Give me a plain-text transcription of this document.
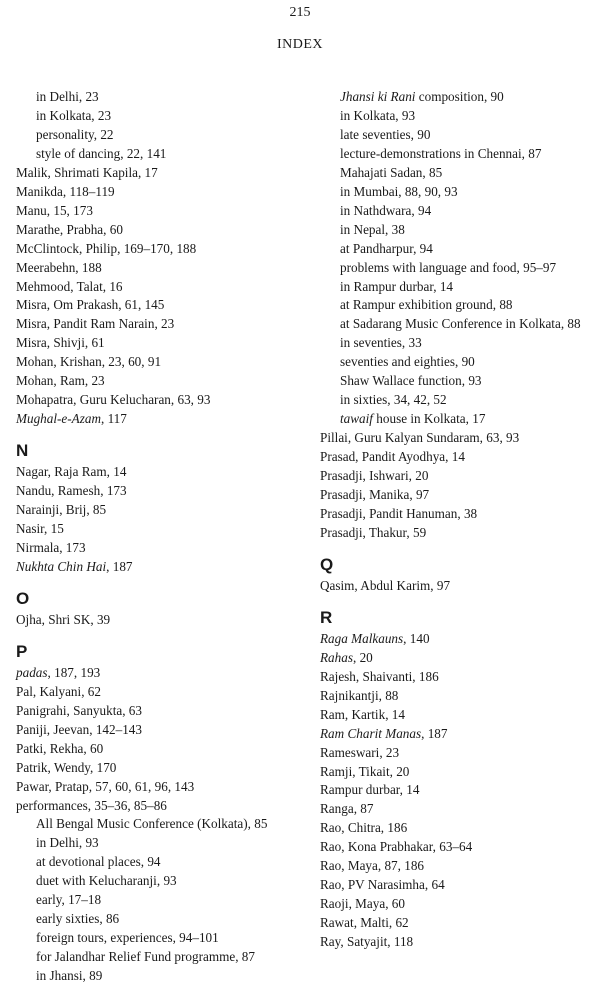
215
INDEX
in Delhi, 23
in Kolkata, 23
personality, 22
style of dancing, 22, 141
Malik, Shrimati Kapila, 17
Manikda, 118–119
Manu, 15, 173
Marathe, Prabha, 60
McClintock, Philip, 169–170, 188
Meerabehn, 188
Mehmood, Talat, 16
Misra, Om Prakash, 61, 145
Misra, Pandit Ram Narain, 23
Misra, Shivji, 61
Mohan, Krishan, 23, 60, 91
Mohan, Ram, 23
Mohapatra, Guru Kelucharan, 63, 93
Mughal-e-Azam, 117
N
Nagar, Raja Ram, 14
Nandu, Ramesh, 173
Narainji, Brij, 85
Nasir, 15
Nirmala, 173
Nukhta Chin Hai, 187
O
Ojha, Shri SK, 39
P
padas, 187, 193
Pal, Kalyani, 62
Panigrahi, Sanyukta, 63
Paniji, Jeevan, 142–143
Patki, Rekha, 60
Patrik, Wendy, 170
Pawar, Pratap, 57, 60, 61, 96, 143
performances, 35–36, 85–86
All Bengal Music Conference (Kolkata), 85
in Delhi, 93
at devotional places, 94
duet with Kelucharanji, 93
early, 17–18
early sixties, 86
foreign tours, experiences, 94–101
for Jalandhar Relief Fund programme, 87
in Jhansi, 89
Jhansi ki Rani composition, 90
in Kolkata, 93
late seventies, 90
lecture-demonstrations in Chennai, 87
Mahajati Sadan, 85
in Mumbai, 88, 90, 93
in Nathdwara, 94
in Nepal, 38
at Pandharpur, 94
problems with language and food, 95–97
in Rampur durbar, 14
at Rampur exhibition ground, 88
at Sadarang Music Conference in Kolkata, 88
in seventies, 33
seventies and eighties, 90
Shaw Wallace function, 93
in sixties, 34, 42, 52
tawaif house in Kolkata, 17
Pillai, Guru Kalyan Sundaram, 63, 93
Prasad, Pandit Ayodhya, 14
Prasadji, Ishwari, 20
Prasadji, Manika, 97
Prasadji, Pandit Hanuman, 38
Prasadji, Thakur, 59
Q
Qasim, Abdul Karim, 97
R
Raga Malkauns, 140
Rahas, 20
Rajesh, Shaivanti, 186
Rajnikantji, 88
Ram, Kartik, 14
Ram Charit Manas, 187
Rameswari, 23
Ramji, Tikait, 20
Rampur durbar, 14
Ranga, 87
Rao, Chitra, 186
Rao, Kona Prabhakar, 63–64
Rao, Maya, 87, 186
Rao, PV Narasimha, 64
Raoji, Maya, 60
Rawat, Malti, 62
Ray, Satyajit, 118
